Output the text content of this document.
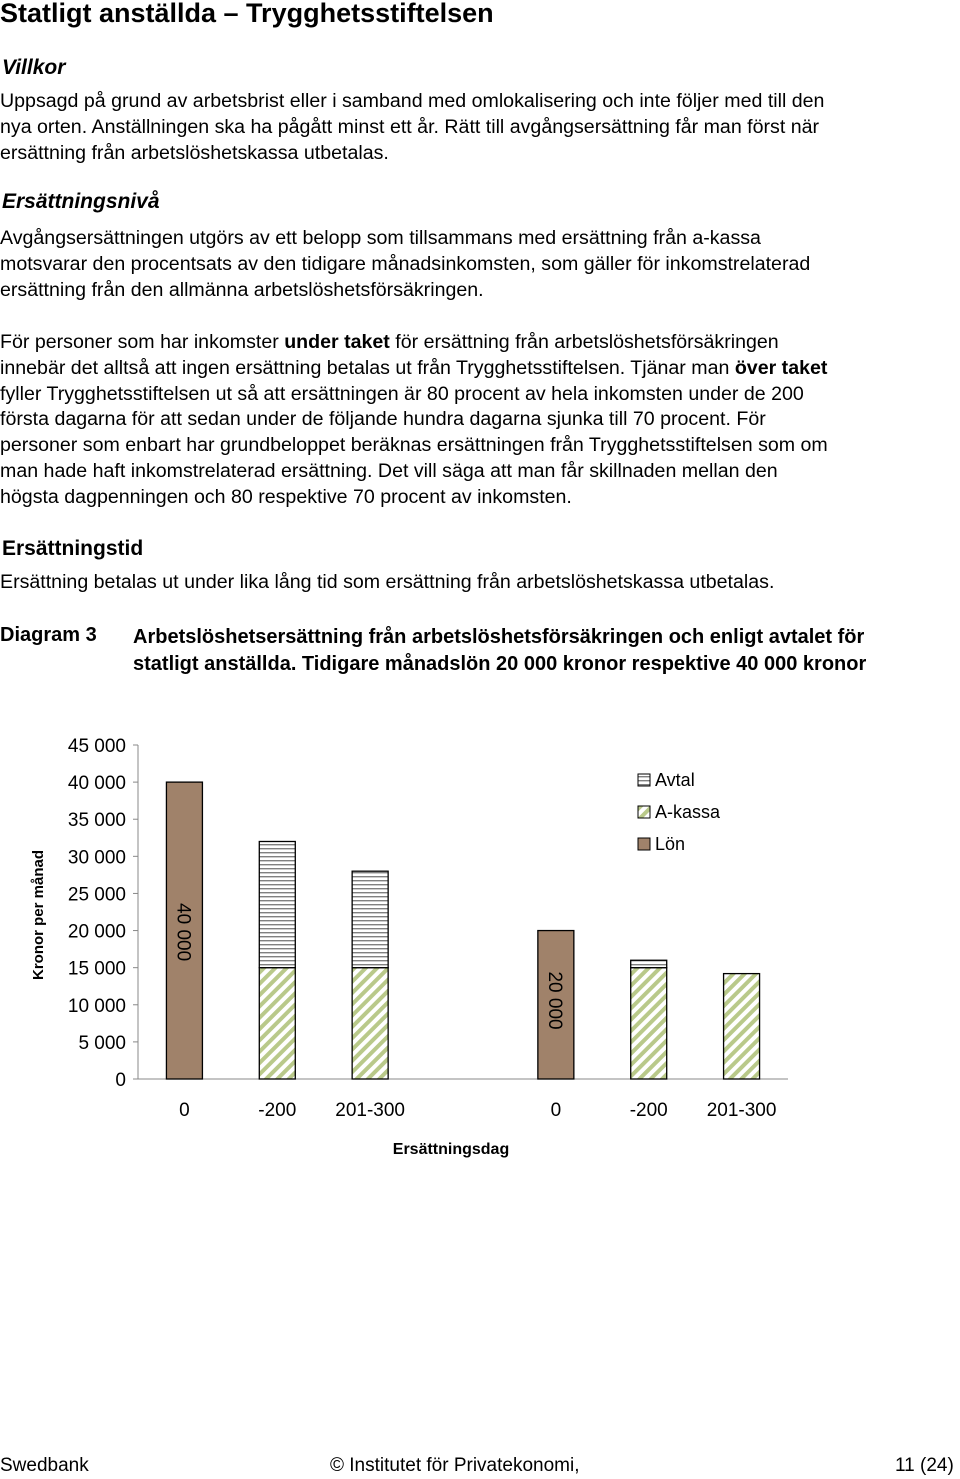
Statligt anställda – Trygghetsstiftelsen

Villkor

Uppsagd på grund av arbetsbrist eller i samband med omlokalisering och inte följer med till den
nya orten. Anställningen ska ha pågått minst ett år. Rätt till avgångsersättning får man först när
ersättning från arbetslöshetskassa utbetalas.

Ersättningsnivå

Avgångsersättningen utgörs av ett belopp som tillsammans med ersättning från a-kassa
motsvarar den procentsats av den tidigare månadsinkomsten, som gäller för inkomstrelaterad
ersättning från den allmänna arbetslöshetsförsäkringen.
För personer som har inkomster under taket för ersättning från arbetslöshetsförsäkringen
innebär det alltså att ingen ersättning betalas ut från Trygghetsstiftelsen. Tjänar man över taket
fyller Trygghetsstiftelsen ut så att ersättningen är 80 procent av hela inkomsten under de 200
första dagarna för att sedan under de följande hundra dagarna sjunka till 70 procent. För
personer som enbart har grundbeloppet beräknas ersättningen från Trygghetsstiftelsen som om
man hade haft inkomstrelaterad ersättning. Det vill säga att man får skillnaden mellan den
högsta dagpenningen och 80 respektive 70 procent av inkomsten.

Ersättningstid

Ersättning betalas ut under lika lång tid som ersättning från arbetslöshetskassa utbetalas.
Diagram 3 Arbetslöshetsersättning från arbetslöshetsförsäkringen och enligt avtalet för
statligt anställda. Tidigare månadslön 20 000 kronor respektive 40 000 kronor
0
5 000
10 000
15 000
20 000
25 000
30 000
35 000
40 000
45 000
Kronor per månad
Ersättningsdag
0	-200 201-300	0	-200 201-300
40 000
20 000
Avtal
A-kassa
Lön
Swedbank	© Institutet för Privatekonomi,	11 (24)
